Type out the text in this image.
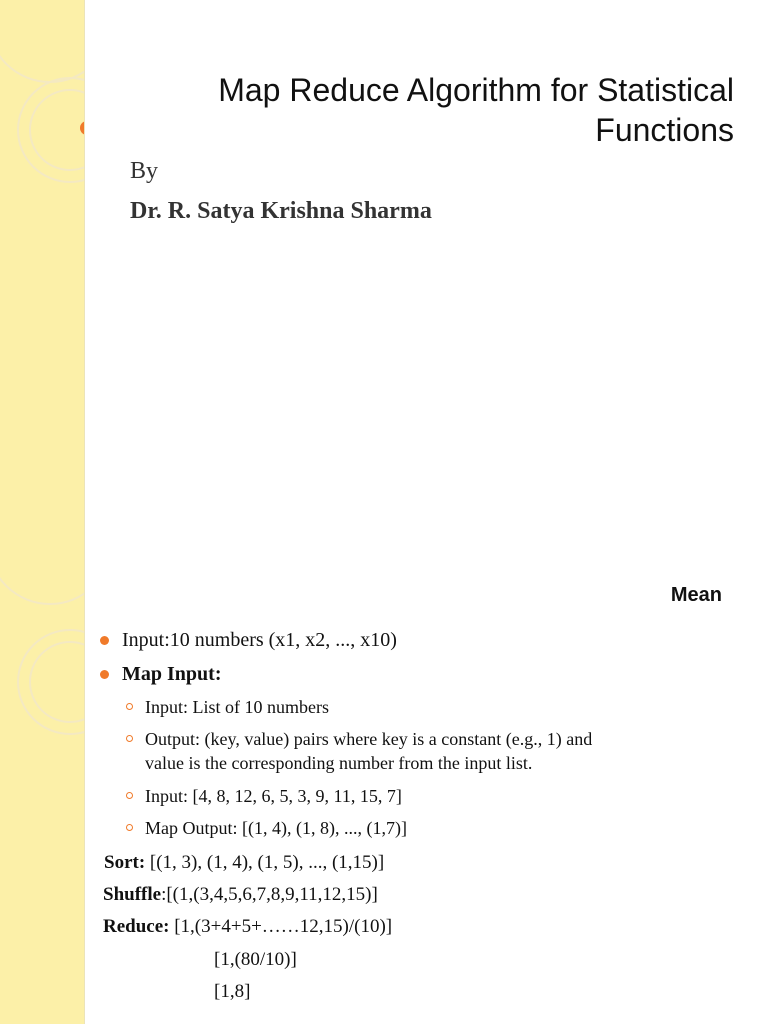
Map Reduce Algorithm for Statistical
Functions
By
Dr. R. Satya Krishna Sharma
Mean
Input:10 numbers (x1, x2, ..., x10)
Map Input:
Input: List of 10 numbers
Output: (key, value) pairs where key is a constant (e.g., 1) and
value is the corresponding number from the input list.
Input: [4, 8, 12, 6, 5, 3, 9, 11, 15, 7]
Map Output: [(1, 4), (1, 8), ..., (1,7)]
Sort: [(1, 3), (1, 4), (1, 5), ..., (1,15)]
Shuffle:[(1,(3,4,5,6,7,8,9,11,12,15)]
Reduce: [1,(3+4+5+……12,15)/(10)]
[1,(80/10)]
[1,8]
